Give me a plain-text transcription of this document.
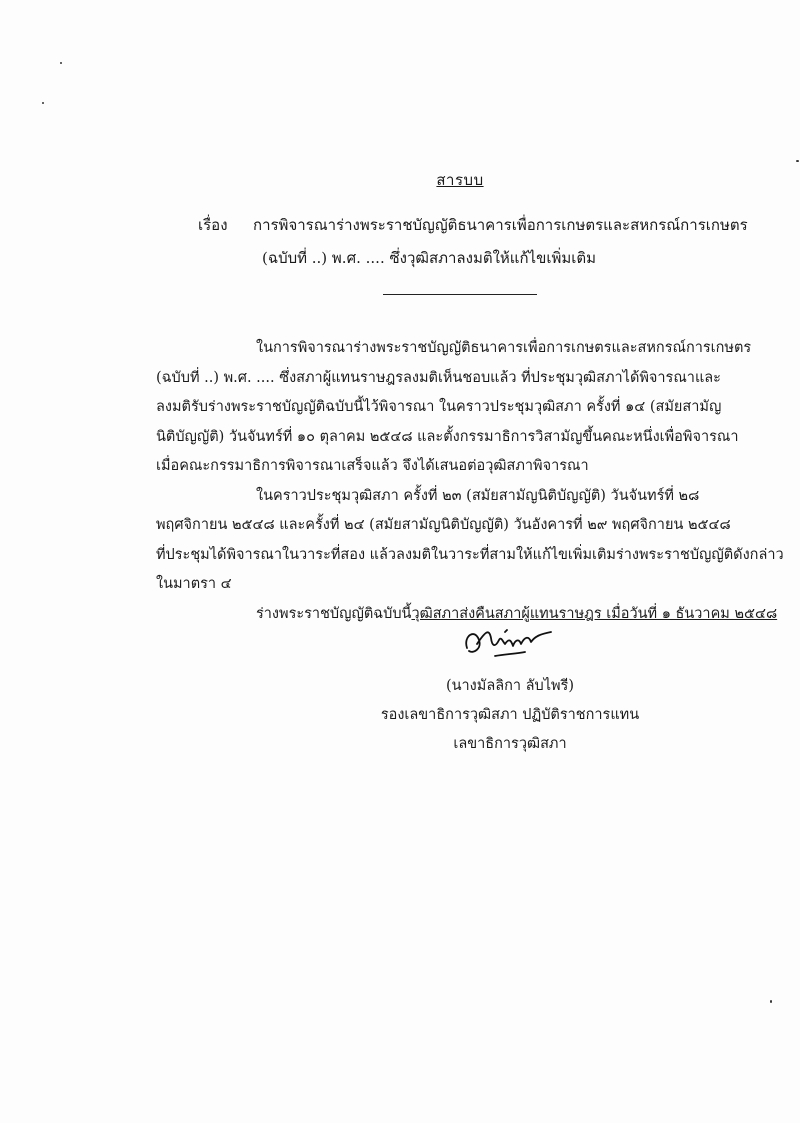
สารบบ
เรื่อง การพิจารณาร่างพระราชบัญญัติธนาคารเพื่อการเกษตรและสหกรณ์การเกษตร
(ฉบับที่ ..) พ.ศ. .... ซึ่งวุฒิสภาลงมติให้แก้ไขเพิ่มเติม

ในการพิจารณาร่างพระราชบัญญัติธนาคารเพื่อการเกษตรและสหกรณ์การเกษตร
(ฉบับที่ ..) พ.ศ. .... ซึ่งสภาผู้แทนราษฎรลงมติเห็นชอบแล้ว ที่ประชุมวุฒิสภาได้พิจารณาและ
ลงมติรับร่างพระราชบัญญัติฉบับนี้ไว้พิจารณา ในคราวประชุมวุฒิสภา ครั้งที่ ๑๔ (สมัยสามัญ
นิติบัญญัติ) วันจันทร์ที่ ๑๐ ตุลาคม ๒๕๔๘ และตั้งกรรมาธิการวิสามัญขึ้นคณะหนึ่งเพื่อพิจารณา
เมื่อคณะกรรมาธิการพิจารณาเสร็จแล้ว จึงได้เสนอต่อวุฒิสภาพิจารณา

ในคราวประชุมวุฒิสภา ครั้งที่ ๒๓ (สมัยสามัญนิติบัญญัติ) วันจันทร์ที่ ๒๘
พฤศจิกายน ๒๕๔๘ และครั้งที่ ๒๔ (สมัยสามัญนิติบัญญัติ) วันอังคารที่ ๒๙ พฤศจิกายน ๒๕๔๘
ที่ประชุมได้พิจารณาในวาระที่สอง แล้วลงมติในวาระที่สามให้แก้ไขเพิ่มเติมร่างพระราชบัญญัติดังกล่าว
ในมาตรา ๔

ร่างพระราชบัญญัติฉบับนี้วุฒิสภาส่งคืนสภาผู้แทนราษฎร เมื่อวันที่ ๑ ธันวาคม ๒๕๔๘

(นางมัลลิกา ลับไพรี)
รองเลขาธิการวุฒิสภา ปฏิบัติราชการแทน
เลขาธิการวุฒิสภา
